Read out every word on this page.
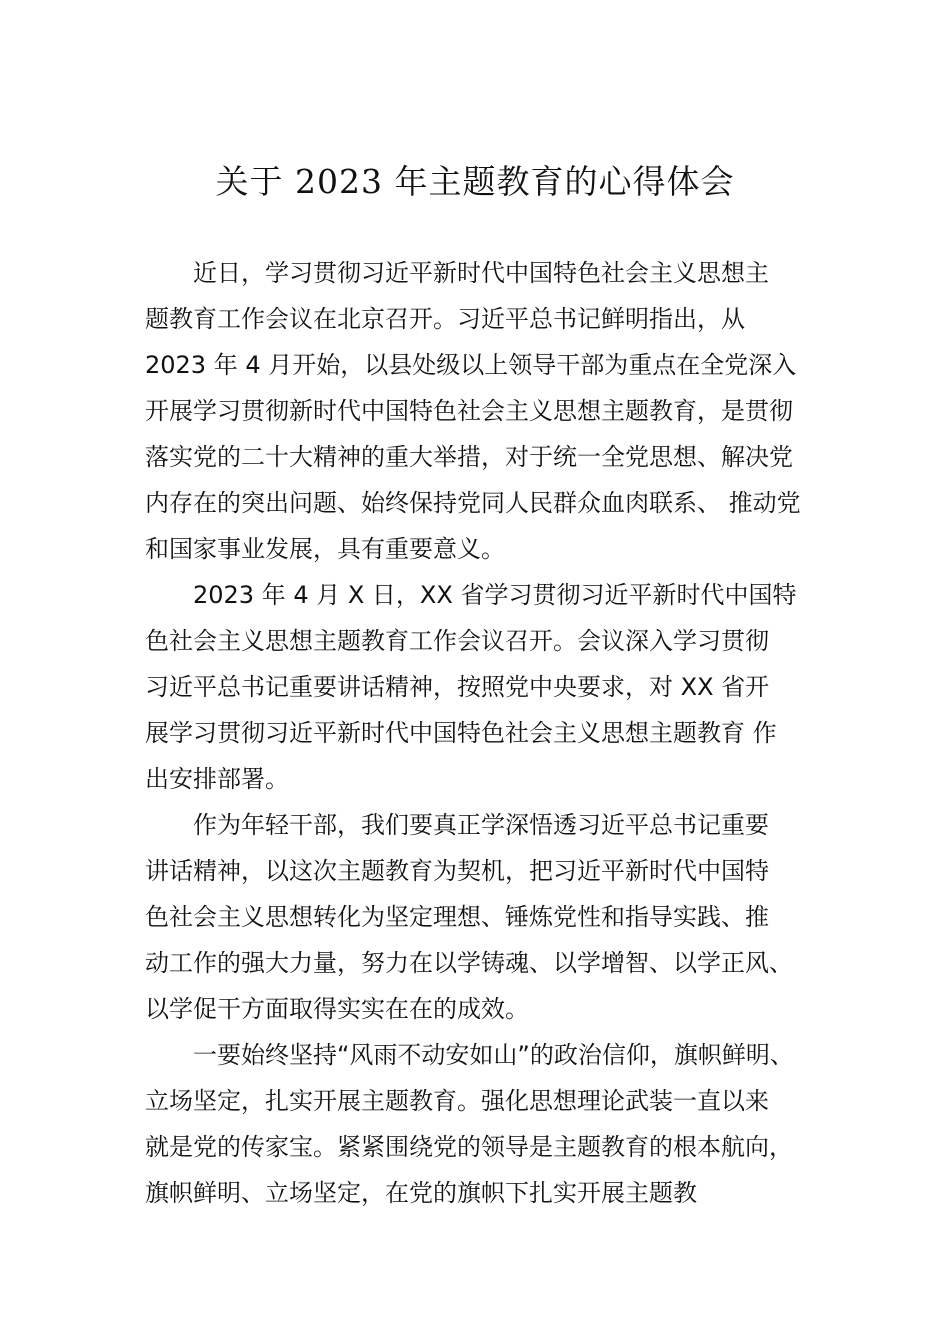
关于 2023 年主题教育的心得体会
近日，学习贯彻习近平新时代中国特色社会主义思想主
题教育工作会议在北京召开。习近平总书记鲜明指出，从
2023 年 4 月开始，以县处级以上领导干部为重点在全党深入
开展学习贯彻新时代中国特色社会主义思想主题教育，是贯彻
落实党的二十大精神的重大举措，对于统一全党思想、解决党
内存在的突出问题、始终保持党同人民群众血肉联系、 推动党
和国家事业发展，具有重要意义。
2023 年 4 月 X 日，XX 省学习贯彻习近平新时代中国特
色社会主义思想主题教育工作会议召开。会议深入学习贯彻
习近平总书记重要讲话精神，按照党中央要求，对 XX 省开
展学习贯彻习近平新时代中国特色社会主义思想主题教育 作
出安排部署。
作为年轻干部，我们要真正学深悟透习近平总书记重要
讲话精神，以这次主题教育为契机，把习近平新时代中国特
色社会主义思想转化为坚定理想、锤炼党性和指导实践、推
动工作的强大力量，努力在以学铸魂、以学增智、以学正风、
以学促干方面取得实实在在的成效。
一要始终坚持“风雨不动安如山”的政治信仰，旗帜鲜明、
立场坚定，扎实开展主题教育。强化思想理论武装一直以来
就是党的传家宝。紧紧围绕党的领导是主题教育的根本航向，
旗帜鲜明、立场坚定，在党的旗帜下扎实开展主题教
